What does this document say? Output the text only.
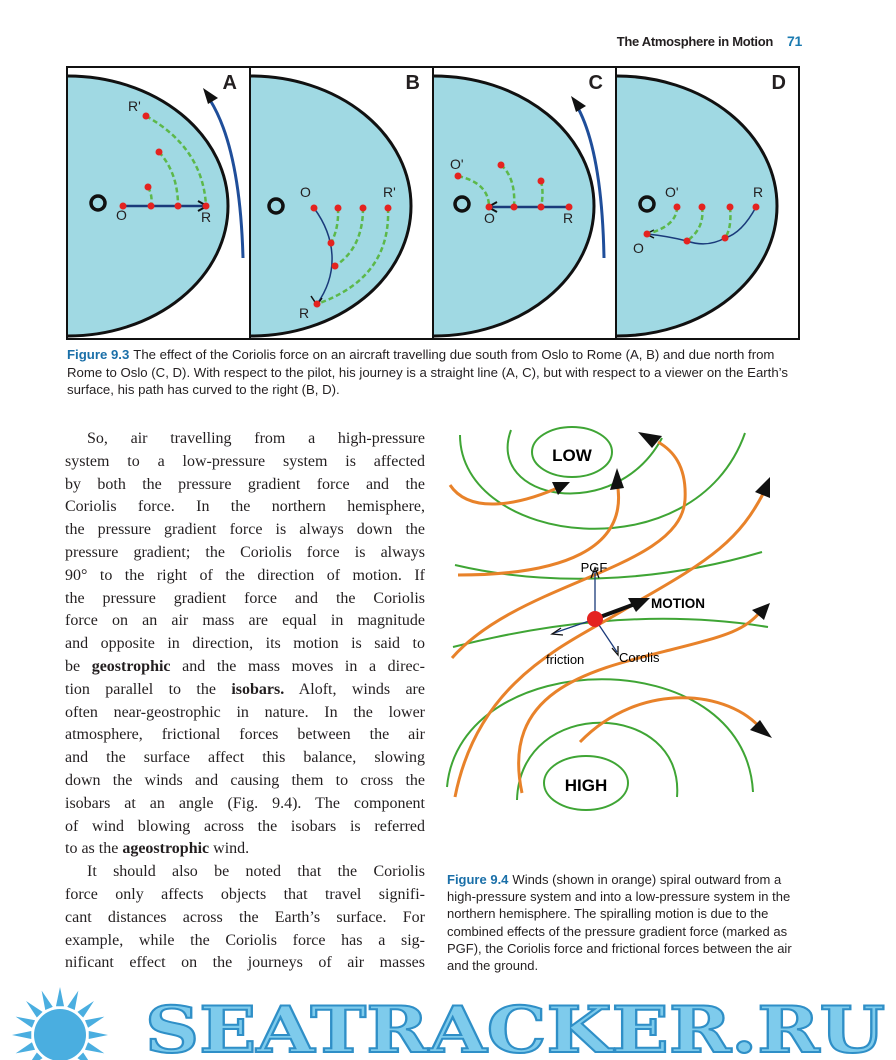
The Atmosphere in Motion 71
A
R'
O	R
B
O	R'
R
C
O'
O	R
D
O'	R
O
Figure 9.3 The effect of the Coriolis force on an aircraft travelling due south from Oslo to Rome (A, B) and due north from Rome to Oslo (C, D). With respect to the pilot, his journey is a straight line (A, C), but with respect to a viewer on the Earth’s surface, his path has curved to the right (B, D).
So, air travelling from a high-pressure
system to a low-pressure system is affected
by both the pressure gradient force and the
Coriolis force. In the northern hemisphere,
the pressure gradient force is always down the
pressure gradient; the Coriolis force is always
90° to the right of the direction of motion. If
the pressure gradient force and the Coriolis
force on an air mass are equal in magnitude
and opposite in direction, its motion is said to
be geostrophic and the mass moves in a direc-
tion parallel to the isobars. Aloft, winds are
often near-geostrophic in nature. In the lower
atmosphere, frictional forces between the air
and the surface affect this balance, slowing
down the winds and causing them to cross the
isobars at an angle (Fig. 9.4). The component
of wind blowing across the isobars is referred
to as the ageostrophic wind.
It should also be noted that the Coriolis
force only affects objects that travel signifi-
cant distances across the Earth’s surface. For
example, while the Coriolis force has a sig-
nificant effect on the journeys of air masses
LOW
HIGH
PGF
MOTION
friction	Corolis
Figure 9.4 Winds (shown in orange) spiral outward from a high-pressure system and into a low-pressure system in the northern hemisphere. The spiralling motion is due to the combined effects of the pressure gradient force (marked as PGF), the Coriolis force and frictional forces between the air and the ground.
SEATRACKER.RU
